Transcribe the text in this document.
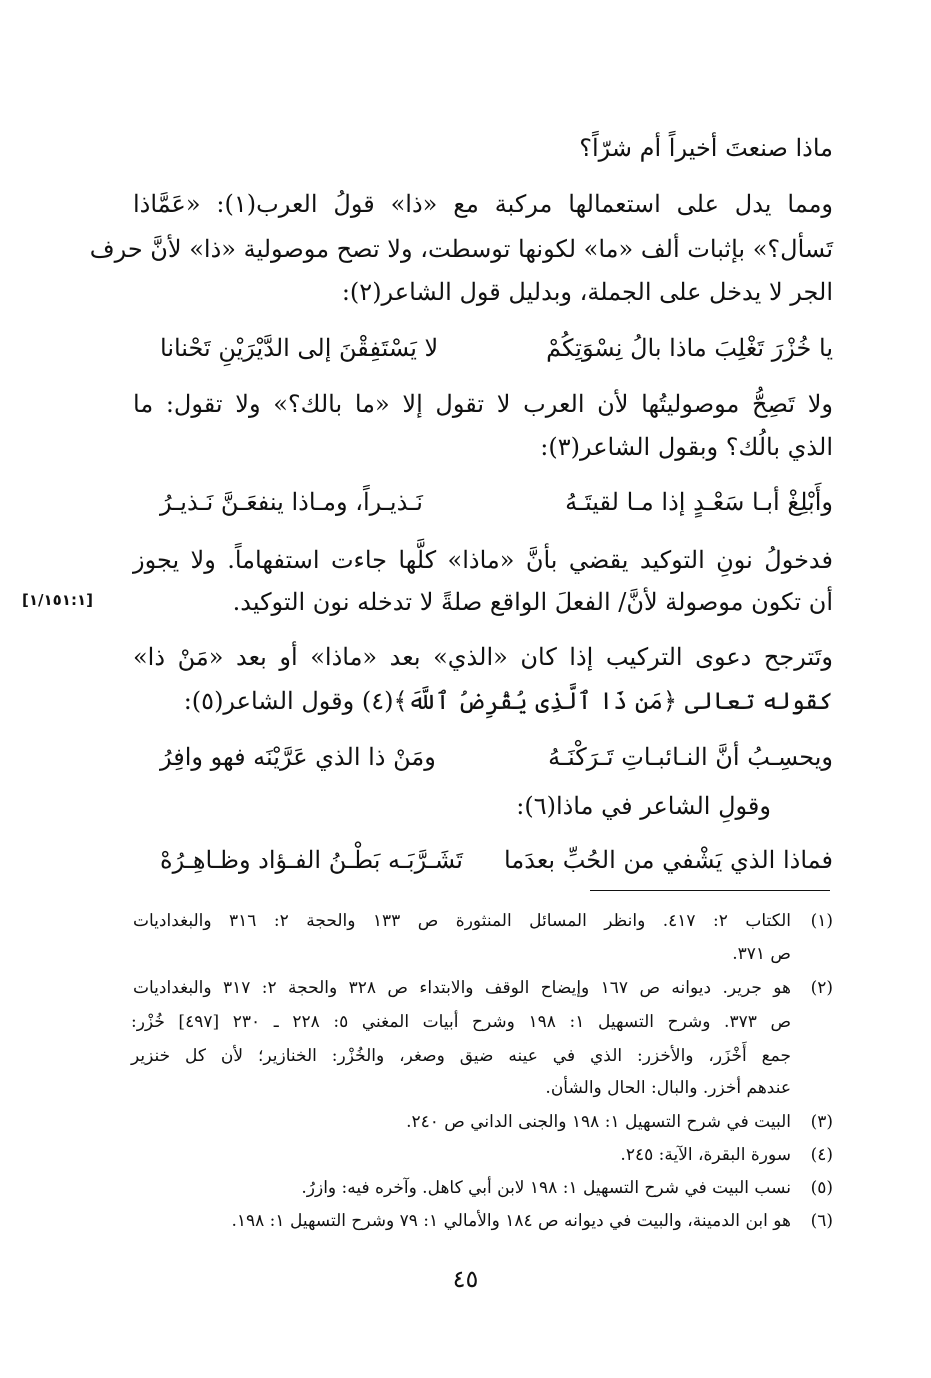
ماذا صنعتَ أخيراً أم شرّاً؟
ومما يدل على استعمالها مركبة مع «ذا» قولُ العرب(١): «عَمَّاذا
تَسأل؟» بإثبات ألف «ما» لكونها توسطت، ولا تصح موصولية «ذا» لأنَّ حرف
الجر لا يدخل على الجملة، وبدليل قول الشاعر(٢):
يا خُزْرَ تَغْلِبَ ماذا بالُ نِسْوَتِكُمْ
لا يَسْتَفِقْنَ إلى الدَّيْرَيْنِ تَحْنانا
ولا تَصِحُّ موصوليتُها لأن العرب لا تقول إلا «ما بالك؟» ولا تقول: ما
الذي بالُك؟ وبقول الشاعر(٣):
وأَبْلِغْ أبـا سَعْـدٍ إذا مـا لقيتَـهُ
نَـذيـراً، ومـاذا ينفعَـنَّ نَـذيـرُ
فدخولُ نونِ التوكيد يقضي بأنَّ «ماذا» كلَّها جاءت استفهاماً. ولا يجوز
أن تكون موصولة لأنَّ/ الفعلَ الواقع صلةً لا تدخله نون التوكيد.
[١/١٥١:١]
وتَترجح دعوى التركيب إذا كان «الذي» بعد «ماذا» أو بعد «مَنْ ذا»
كقوله تعالى ﴿مَن ذَا ٱلَّذِى يُقْرِضُ ٱللَّهَ﴾(٤) وقول الشاعر(٥):
ويحسِـبُ أنَّ النـائبـاتِ تَـرَكْنَـهُ
ومَنْ ذا الذي عَرَّيْنَه فهو وافِرُ
وقولِ الشاعر في ماذا(٦):
فماذا الذي يَشْفي من الحُبِّ بعدَما
تَشَـرَّبَـه بَطْـنُ الفـؤاد وظـاهِـرُهْ
(١)الكتاب ٢: ٤١٧. وانظر المسائل المنثورة ص ١٣٣ والحجة ٢: ٣١٦ والبغداديات
ص ٣٧١.
(٢)هو جرير. ديوانه ص ١٦٧ وإيضاح الوقف والابتداء ص ٣٢٨ والحجة ٢: ٣١٧ والبغداديات
ص ٣٧٣. وشرح التسهيل ١: ١٩٨ وشرح أبيات المغني ٥: ٢٢٨ ـ ٢٣٠ [٤٩٧] خُزْر:
جمع أَخْزَر، والأخزر: الذي في عينه ضيق وصغر، والخُزْر: الخنازير؛ لأن كل خنزير
عندهم أخزر. والبال: الحال والشأن.
(٣)البيت في شرح التسهيل ١: ١٩٨ والجنى الداني ص ٢٤٠.
(٤)سورة البقرة، الآية: ٢٤٥.
(٥)نسب البيت في شرح التسهيل ١: ١٩٨ لابن أبي كاهل. وآخره فيه: وازرُ.
(٦)هو ابن الدمينة، والبيت في ديوانه ص ١٨٤ والأمالي ١: ٧٩ وشرح التسهيل ١: ١٩٨.
٤٥
